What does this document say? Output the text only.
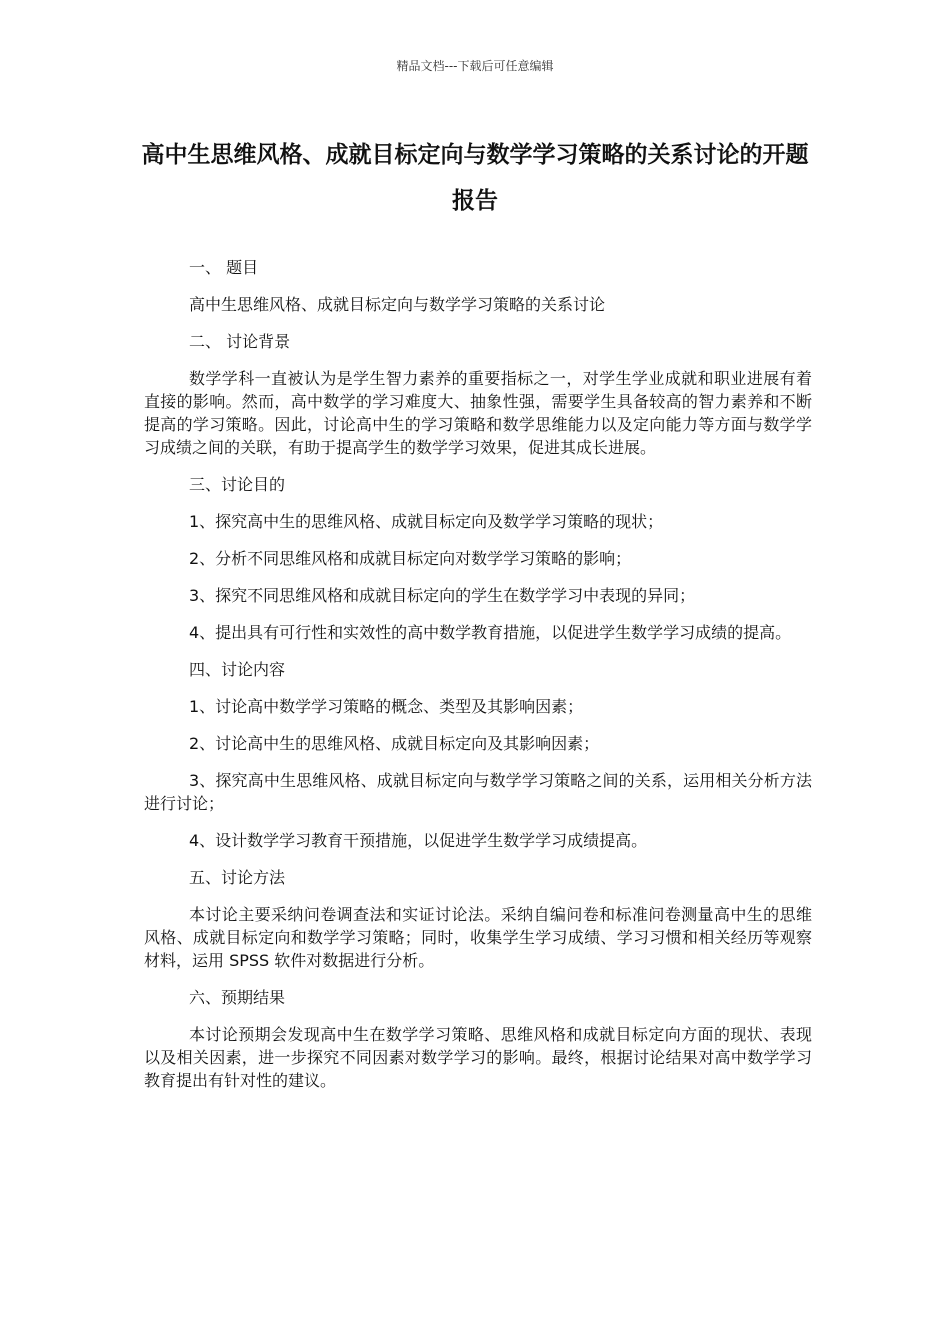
精品文档---下载后可任意编辑
高中生思维风格、成就目标定向与数学学习策略的关系讨论的开题报告

一、 题目

高中生思维风格、成就目标定向与数学学习策略的关系讨论

二、 讨论背景

数学学科一直被认为是学生智力素养的重要指标之一，对学生学业成就和职业进展有着直接的影响。然而，高中数学的学习难度大、抽象性强，需要学生具备较高的智力素养和不断提高的学习策略。因此，讨论高中生的学习策略和数学思维能力以及定向能力等方面与数学学习成绩之间的关联，有助于提高学生的数学学习效果，促进其成长进展。

三、讨论目的

1、探究高中生的思维风格、成就目标定向及数学学习策略的现状；

2、分析不同思维风格和成就目标定向对数学学习策略的影响；

3、探究不同思维风格和成就目标定向的学生在数学学习中表现的异同；

4、提出具有可行性和实效性的高中数学教育措施，以促进学生数学学习成绩的提高。

四、讨论内容

1、讨论高中数学学习策略的概念、类型及其影响因素；

2、讨论高中生的思维风格、成就目标定向及其影响因素；

3、探究高中生思维风格、成就目标定向与数学学习策略之间的关系，运用相关分析方法进行讨论；

4、设计数学学习教育干预措施，以促进学生数学学习成绩提高。

五、讨论方法

本讨论主要采纳问卷调查法和实证讨论法。采纳自编问卷和标准问卷测量高中生的思维风格、成就目标定向和数学学习策略；同时，收集学生学习成绩、学习习惯和相关经历等观察材料，运用 SPSS 软件对数据进行分析。

六、预期结果

本讨论预期会发现高中生在数学学习策略、思维风格和成就目标定向方面的现状、表现以及相关因素，进一步探究不同因素对数学学习的影响。最终，根据讨论结果对高中数学学习教育提出有针对性的建议。
